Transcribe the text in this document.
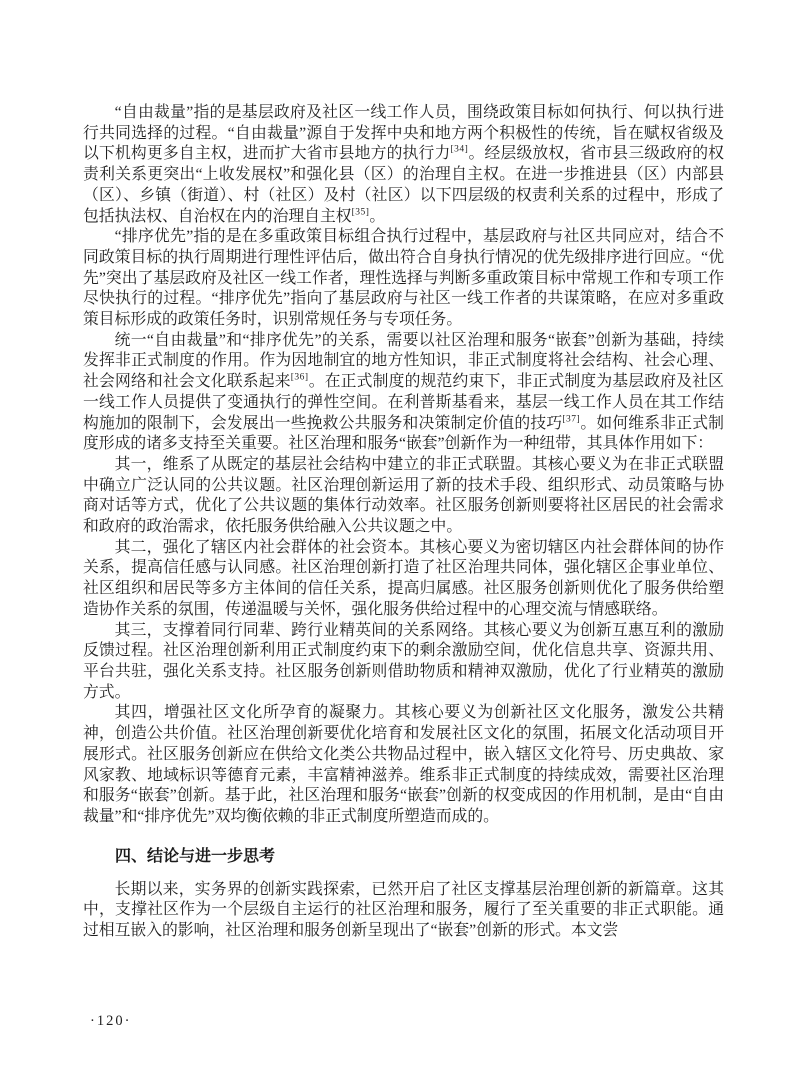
“自由裁量”指的是基层政府及社区一线工作人员，围绕政策目标如何执行、何以执行进行共同选择的过程。“自由裁量”源自于发挥中央和地方两个积极性的传统，旨在赋权省级及以下机构更多自主权，进而扩大省市县地方的执行力[34]。经层级放权，省市县三级政府的权责利关系更突出“上收发展权”和强化县（区）的治理自主权。在进一步推进县（区）内部县（区）、乡镇（街道）、村（社区）及村（社区）以下四层级的权责利关系的过程中，形成了包括执法权、自治权在内的治理自主权[35]。

“排序优先”指的是在多重政策目标组合执行过程中，基层政府与社区共同应对，结合不同政策目标的执行周期进行理性评估后，做出符合自身执行情况的优先级排序进行回应。“优先”突出了基层政府及社区一线工作者，理性选择与判断多重政策目标中常规工作和专项工作尽快执行的过程。“排序优先”指向了基层政府与社区一线工作者的共谋策略，在应对多重政策目标形成的政策任务时，识别常规任务与专项任务。

统一“自由裁量”和“排序优先”的关系，需要以社区治理和服务“嵌套”创新为基础，持续发挥非正式制度的作用。作为因地制宜的地方性知识，非正式制度将社会结构、社会心理、社会网络和社会文化联系起来[36]。在正式制度的规范约束下，非正式制度为基层政府及社区一线工作人员提供了变通执行的弹性空间。在利普斯基看来，基层一线工作人员在其工作结构施加的限制下，会发展出一些挽救公共服务和决策制定价值的技巧[37]。如何维系非正式制度形成的诸多支持至关重要。社区治理和服务“嵌套”创新作为一种纽带，其具体作用如下：

其一，维系了从既定的基层社会结构中建立的非正式联盟。其核心要义为在非正式联盟中确立广泛认同的公共议题。社区治理创新运用了新的技术手段、组织形式、动员策略与协商对话等方式，优化了公共议题的集体行动效率。社区服务创新则要将社区居民的社会需求和政府的政治需求，依托服务供给融入公共议题之中。

其二，强化了辖区内社会群体的社会资本。其核心要义为密切辖区内社会群体间的协作关系，提高信任感与认同感。社区治理创新打造了社区治理共同体，强化辖区企事业单位、社区组织和居民等多方主体间的信任关系，提高归属感。社区服务创新则优化了服务供给塑造协作关系的氛围，传递温暖与关怀，强化服务供给过程中的心理交流与情感联络。

其三，支撑着同行同辈、跨行业精英间的关系网络。其核心要义为创新互惠互利的激励反馈过程。社区治理创新利用正式制度约束下的剩余激励空间，优化信息共享、资源共用、平台共驻，强化关系支持。社区服务创新则借助物质和精神双激励，优化了行业精英的激励方式。

其四，增强社区文化所孕育的凝聚力。其核心要义为创新社区文化服务，激发公共精神，创造公共价值。社区治理创新要优化培育和发展社区文化的氛围，拓展文化活动项目开展形式。社区服务创新应在供给文化类公共物品过程中，嵌入辖区文化符号、历史典故、家风家教、地域标识等德育元素，丰富精神滋养。维系非正式制度的持续成效，需要社区治理和服务“嵌套”创新。基于此，社区治理和服务“嵌套”创新的权变成因的作用机制，是由“自由裁量”和“排序优先”双均衡依赖的非正式制度所塑造而成的。

四、结论与进一步思考

长期以来，实务界的创新实践探索，已然开启了社区支撑基层治理创新的新篇章。这其中，支撑社区作为一个层级自主运行的社区治理和服务，履行了至关重要的非正式职能。通过相互嵌入的影响，社区治理和服务创新呈现出了“嵌套”创新的形式。本文尝

·120·
